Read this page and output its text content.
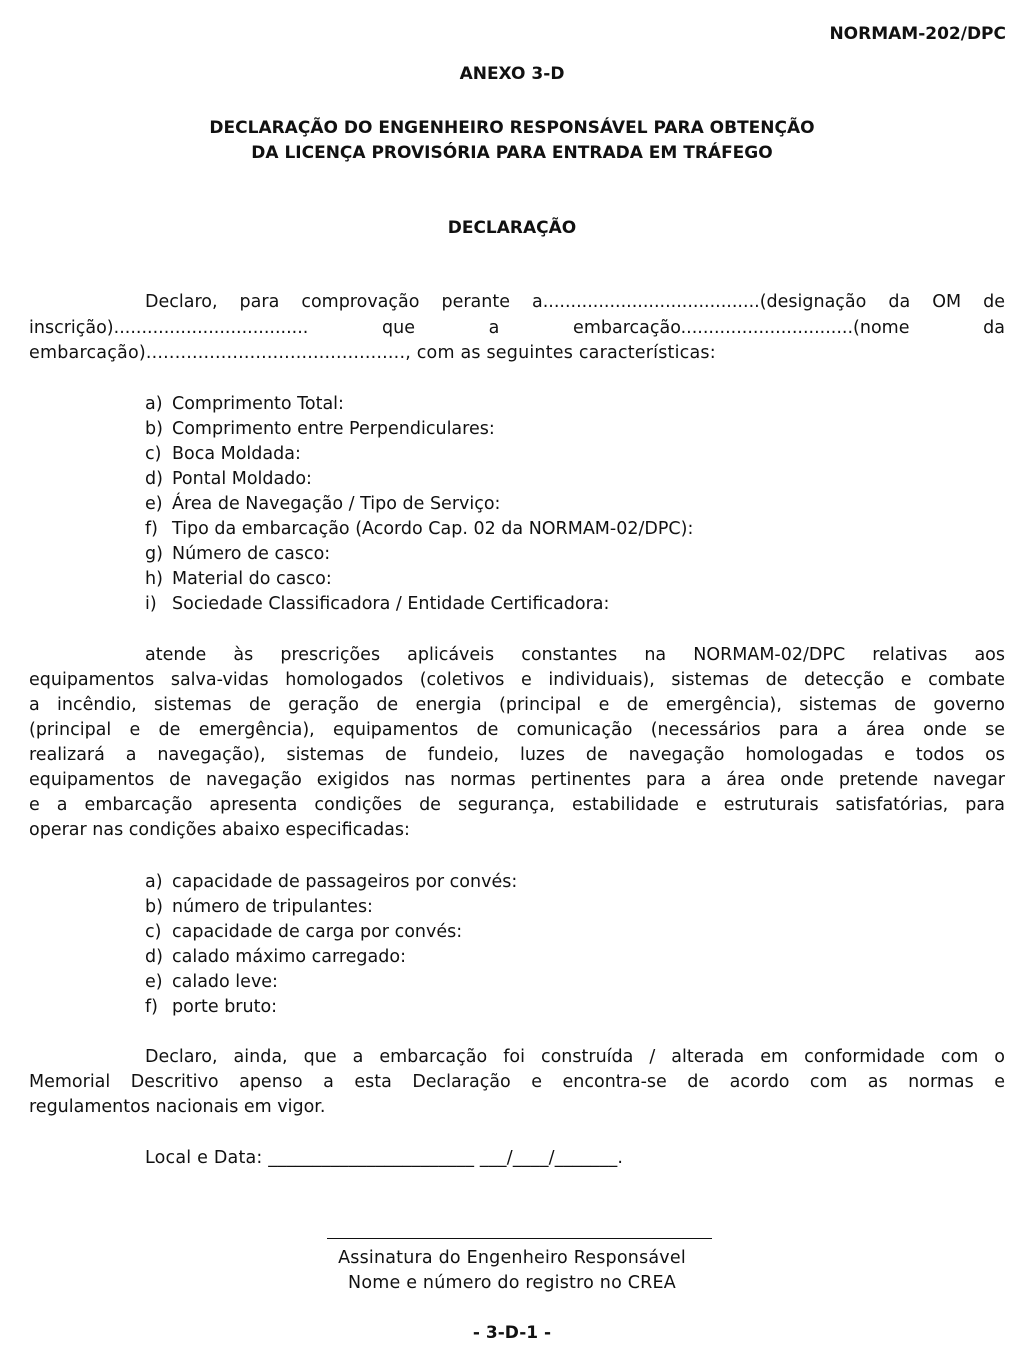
NORMAM-202/DPC
ANEXO 3-D
DECLARAÇÃO DO ENGENHEIRO RESPONSÁVEL PARA OBTENÇÃO
DA LICENÇA PROVISÓRIA PARA ENTRADA EM TRÁFEGO
DECLARAÇÃO
Declaro, para comprovação perante a.......................................(designação da OM de
inscrição)...................................	que	a	embarcação...............................(nome	da
embarcação)............................................., com as seguintes características:
a) Comprimento Total:
b) Comprimento entre Perpendiculares:
c) Boca Moldada:
d) Pontal Moldado:
e) Área de Navegação / Tipo de Serviço:
f) Tipo da embarcação (Acordo Cap. 02 da NORMAM-02/DPC):
g) Número de casco:
h) Material do casco:
i) Sociedade Classificadora / Entidade Certificadora:
atende às prescrições aplicáveis constantes na NORMAM-02/DPC relativas aos
equipamentos salva-vidas homologados (coletivos e individuais), sistemas de detecção e combate
a incêndio, sistemas de geração de energia (principal e de emergência), sistemas de governo
(principal e de emergência), equipamentos de comunicação (necessários para a área onde se
realizará a navegação), sistemas de fundeio, luzes de navegação homologadas e todos os
equipamentos de navegação exigidos nas normas pertinentes para a área onde pretende navegar
e a embarcação apresenta condições de segurança, estabilidade e estruturais satisfatórias, para
operar nas condições abaixo especificadas:
a) capacidade de passageiros por convés:
b) número de tripulantes:
c) capacidade de carga por convés:
d) calado máximo carregado:
e) calado leve:
f) porte bruto:
Declaro, ainda, que a embarcação foi construída / alterada em conformidade com o
Memorial Descritivo apenso a esta Declaração e encontra-se de acordo com as normas e
regulamentos nacionais em vigor.
Local e Data: _______________________ ___/____/_______.
Assinatura do Engenheiro Responsável
Nome e número do registro no CREA
- 3-D-1 -
